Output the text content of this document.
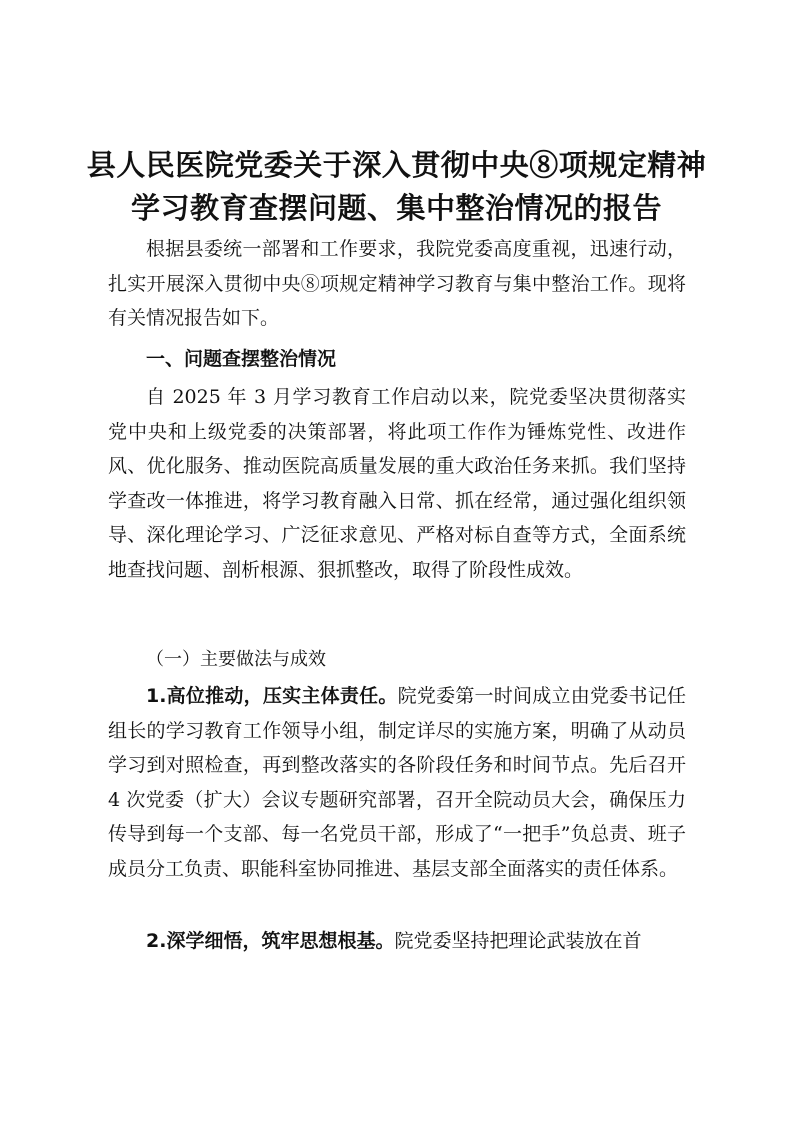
县人民医院党委关于深入贯彻中央⑧项规定精神学习教育查摆问题、集中整治情况的报告

根据县委统一部署和工作要求，我院党委高度重视，迅速行动，扎实开展深入贯彻中央⑧项规定精神学习教育与集中整治工作。现将有关情况报告如下。

一、问题查摆整治情况

自 2025 年 3 月学习教育工作启动以来，院党委坚决贯彻落实党中央和上级党委的决策部署，将此项工作作为锤炼党性、改进作风、优化服务、推动医院高质量发展的重大政治任务来抓。我们坚持学查改一体推进，将学习教育融入日常、抓在经常，通过强化组织领导、深化理论学习、广泛征求意见、严格对标自查等方式，全面系统地查找问题、剖析根源、狠抓整改，取得了阶段性成效。

（一）主要做法与成效

1.高位推动，压实主体责任。院党委第一时间成立由党委书记任组长的学习教育工作领导小组，制定详尽的实施方案，明确了从动员学习到对照检查，再到整改落实的各阶段任务和时间节点。先后召开 4 次党委（扩大）会议专题研究部署，召开全院动员大会，确保压力传导到每一个支部、每一名党员干部，形成了“一把手”负总责、班子成员分工负责、职能科室协同推进、基层支部全面落实的责任体系。

2.深学细悟，筑牢思想根基。院党委坚持把理论武装放在首
